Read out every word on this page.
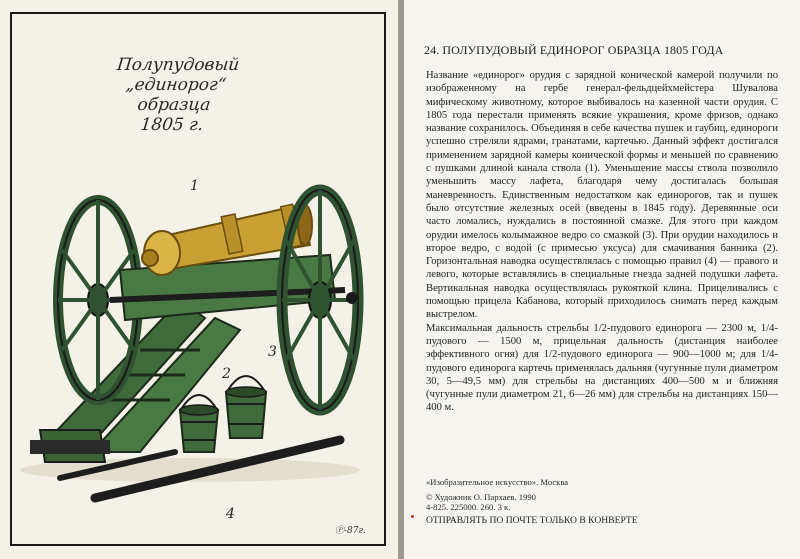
Полупудовый
„единорог“
образца
1805 г.
1
2
3
4
Ⓟ-87г.
24. ПОЛУПУДОВЫЙ ЕДИНОРОГ ОБРАЗЦА 1805 ГОДА

Название «единорог» орудия с зарядной конической камерой получили по изображенному на гербе генерал-фельдцейхмейстера Шувалова мифическому животному, которое выбивалось на казенной части орудия. С 1805 года перестали применять всякие украшения, кроме фризов, однако название сохранилось. Объединяя в себе качества пушек и гаубиц, единороги успешно стреляли ядрами, гранатами, картечью. Данный эффект достигался применением зарядной камеры конической формы и меньшей по сравнению с пушками длиной канала ствола (1). Уменьшение массы ствола позволило уменьшить массу лафета, благодаря чему достигалась большая маневренность. Единственным недостатком как единорогов, так и пушек было отсутствие железных осей (введены в 1845 году). Деревянные оси часто ломались, нуждались в постоянной смазке. Для этого при каждом орудии имелось колымажное ведро со смазкой (3). При орудии находилось и второе ведро, с водой (с примесью уксуса) для смачивания банника (2). Горизонтальная наводка осуществлялась с помощью правил (4) — правого и левого, которые вставлялись в специальные гнезда задней подушки лафета. Вертикальная наводка осуществлялась рукояткой клина. Прицеливались с помощью прицела Кабанова, который приходилось снимать перед каждым выстрелом.

Максимальная дальность стрельбы 1/2-пудового единорога — 2300 м, 1/4-пудового — 1500 м, прицельная дальность (дистанция наиболее эффективного огня) для 1/2-пудового единорога — 900—1000 м; для 1/4-пудового единорога картечь применялась дальняя (чугунные пули диаметром 30, 5—49,5 мм) для стрельбы на дистанциях 400—500 м и ближняя (чугунные пули диаметром 21, 6—26 мм) для стрельбы на дистанциях 150—400 м.

«Изобразительное искусство». Москва
© Художник О. Пархаев. 1990
4-825. 225000. 260. 3 к.
ОТПРАВЛЯТЬ ПО ПОЧТЕ ТОЛЬКО В КОНВЕРТЕ
